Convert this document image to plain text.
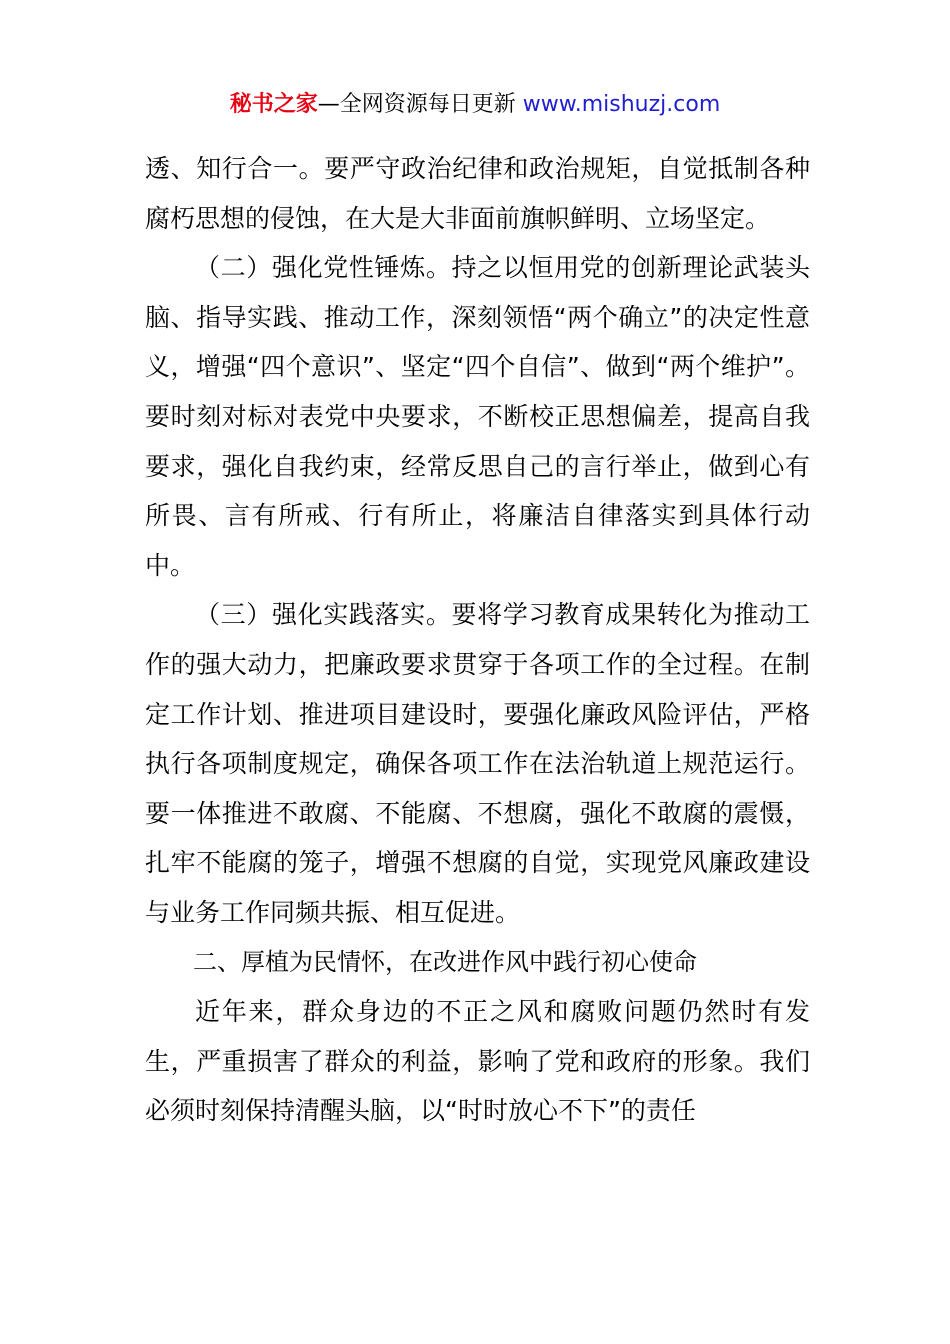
秘书之家—全网资源每日更新 www.mishuzj.com

透、知行合一。要严守政治纪律和政治规矩，自觉抵制各种腐朽思想的侵蚀，在大是大非面前旗帜鲜明、立场坚定。

（二）强化党性锤炼。持之以恒用党的创新理论武装头脑、指导实践、推动工作，深刻领悟“两个确立”的决定性意义，增强“四个意识”、坚定“四个自信”、做到“两个维护”。要时刻对标对表党中央要求，不断校正思想偏差，提高自我要求，强化自我约束，经常反思自己的言行举止，做到心有所畏、言有所戒、行有所止，将廉洁自律落实到具体行动中。

（三）强化实践落实。要将学习教育成果转化为推动工作的强大动力，把廉政要求贯穿于各项工作的全过程。在制定工作计划、推进项目建设时，要强化廉政风险评估，严格执行各项制度规定，确保各项工作在法治轨道上规范运行。要一体推进不敢腐、不能腐、不想腐，强化不敢腐的震慑，扎牢不能腐的笼子，增强不想腐的自觉，实现党风廉政建设与业务工作同频共振、相互促进。

二、厚植为民情怀，在改进作风中践行初心使命

近年来，群众身边的不正之风和腐败问题仍然时有发生，严重损害了群众的利益，影响了党和政府的形象。我们必须时刻保持清醒头脑，以“时时放心不下”的责任
